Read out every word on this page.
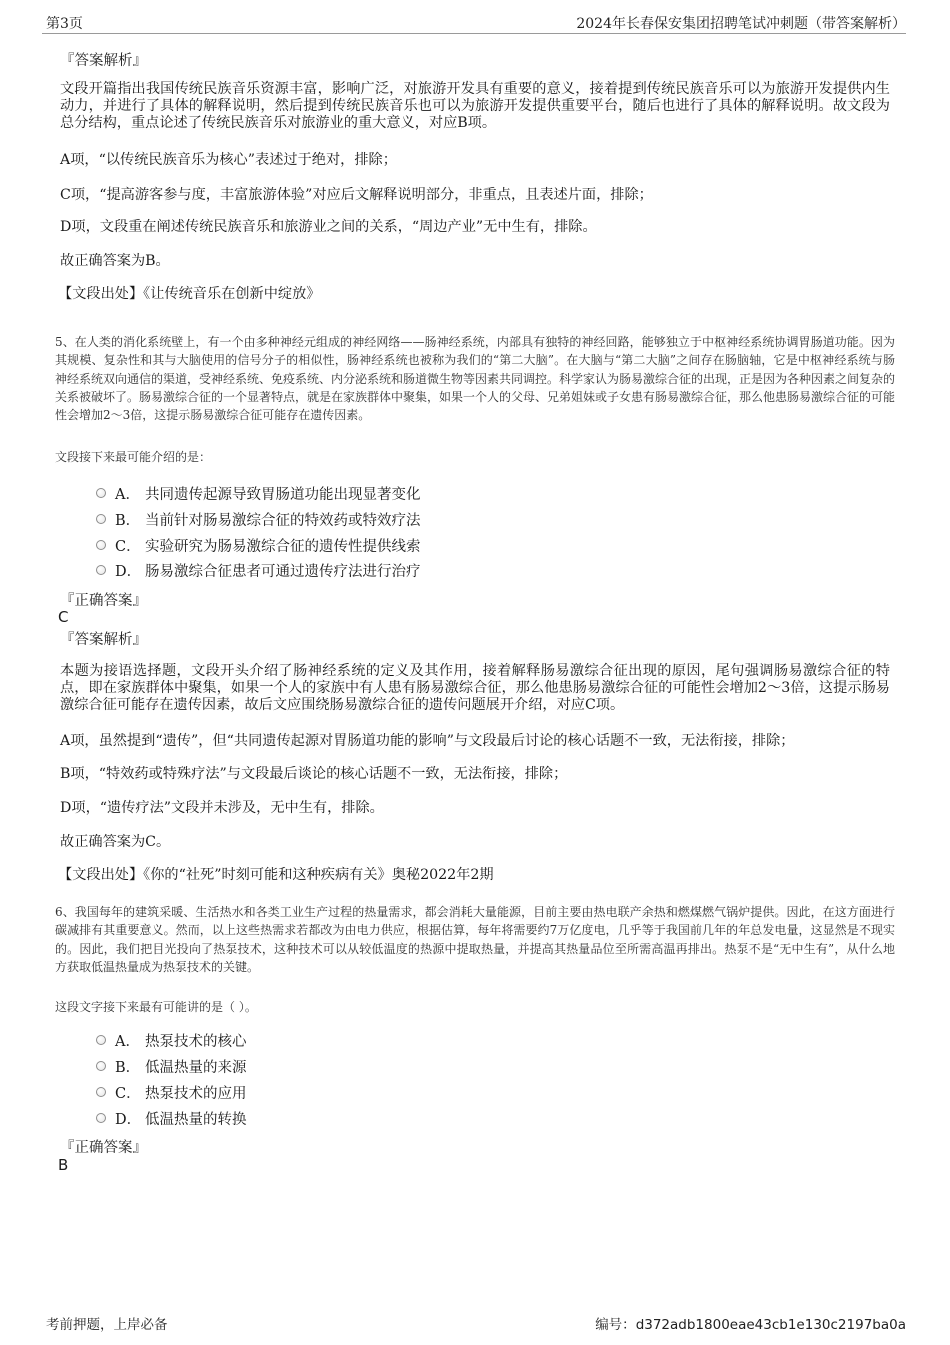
第3页	2024年长春保安集团招聘笔试冲刺题（带答案解析）
『答案解析』
文段开篇指出我国传统民族音乐资源丰富，影响广泛，对旅游开发具有重要的意义，接着提到传统民族音乐可以为旅游开发提供内生动力，并进行了具体的解释说明，然后提到传统民族音乐也可以为旅游开发提供重要平台，随后也进行了具体的解释说明。故文段为总分结构，重点论述了传统民族音乐对旅游业的重大意义，对应B项。
A项，“以传统民族音乐为核心”表述过于绝对，排除；
C项，“提高游客参与度，丰富旅游体验”对应后文解释说明部分，非重点，且表述片面，排除；
D项，文段重在阐述传统民族音乐和旅游业之间的关系，“周边产业”无中生有，排除。
故正确答案为B。
【文段出处】《让传统音乐在创新中绽放》
5、在人类的消化系统壁上，有一个由多种神经元组成的神经网络——肠神经系统，内部具有独特的神经回路，能够独立于中枢神经系统协调胃肠道功能。因为其规模、复杂性和其与大脑使用的信号分子的相似性，肠神经系统也被称为我们的“第二大脑”。在大脑与“第二大脑”之间存在肠脑轴，它是中枢神经系统与肠神经系统双向通信的渠道，受神经系统、免疫系统、内分泌系统和肠道微生物等因素共同调控。科学家认为肠易激综合征的出现，正是因为各种因素之间复杂的关系被破坏了。肠易激综合征的一个显著特点，就是在家族群体中聚集，如果一个人的父母、兄弟姐妹或子女患有肠易激综合征，那么他患肠易激综合征的可能性会增加2～3倍，这提示肠易激综合征可能存在遗传因素。
文段接下来最可能介绍的是：
A． 共同遗传起源导致胃肠道功能出现显著变化
B． 当前针对肠易激综合征的特效药或特效疗法
C． 实验研究为肠易激综合征的遗传性提供线索
D． 肠易激综合征患者可通过遗传疗法进行治疗
『正确答案』
C
『答案解析』
本题为接语选择题，文段开头介绍了肠神经系统的定义及其作用，接着解释肠易激综合征出现的原因，尾句强调肠易激综合征的特点，即在家族群体中聚集，如果一个人的家族中有人患有肠易激综合征，那么他患肠易激综合征的可能性会增加2～3倍，这提示肠易激综合征可能存在遗传因素，故后文应围绕肠易激综合征的遗传问题展开介绍，对应C项。
A项，虽然提到“遗传”，但“共同遗传起源对胃肠道功能的影响”与文段最后讨论的核心话题不一致，无法衔接，排除；
B项，“特效药或特殊疗法”与文段最后谈论的核心话题不一致，无法衔接，排除；
D项，“遗传疗法”文段并未涉及，无中生有，排除。
故正确答案为C。
【文段出处】《你的“社死”时刻可能和这种疾病有关》奥秘2022年2期
6、我国每年的建筑采暖、生活热水和各类工业生产过程的热量需求，都会消耗大量能源，目前主要由热电联产余热和燃煤燃气锅炉提供。因此，在这方面进行碳减排有其重要意义。然而，以上这些热需求若都改为由电力供应，根据估算，每年将需要约7万亿度电，几乎等于我国前几年的年总发电量，这显然是不现实的。因此，我们把目光投向了热泵技术，这种技术可以从较低温度的热源中提取热量，并提高其热量品位至所需高温再排出。热泵不是“无中生有”，从什么地方获取低温热量成为热泵技术的关键。
这段文字接下来最有可能讲的是（ ）。
A． 热泵技术的核心
B． 低温热量的来源
C． 热泵技术的应用
D． 低温热量的转换
『正确答案』
B
考前押题，上岸必备	编号：d372adb1800eae43cb1e130c2197ba0a
